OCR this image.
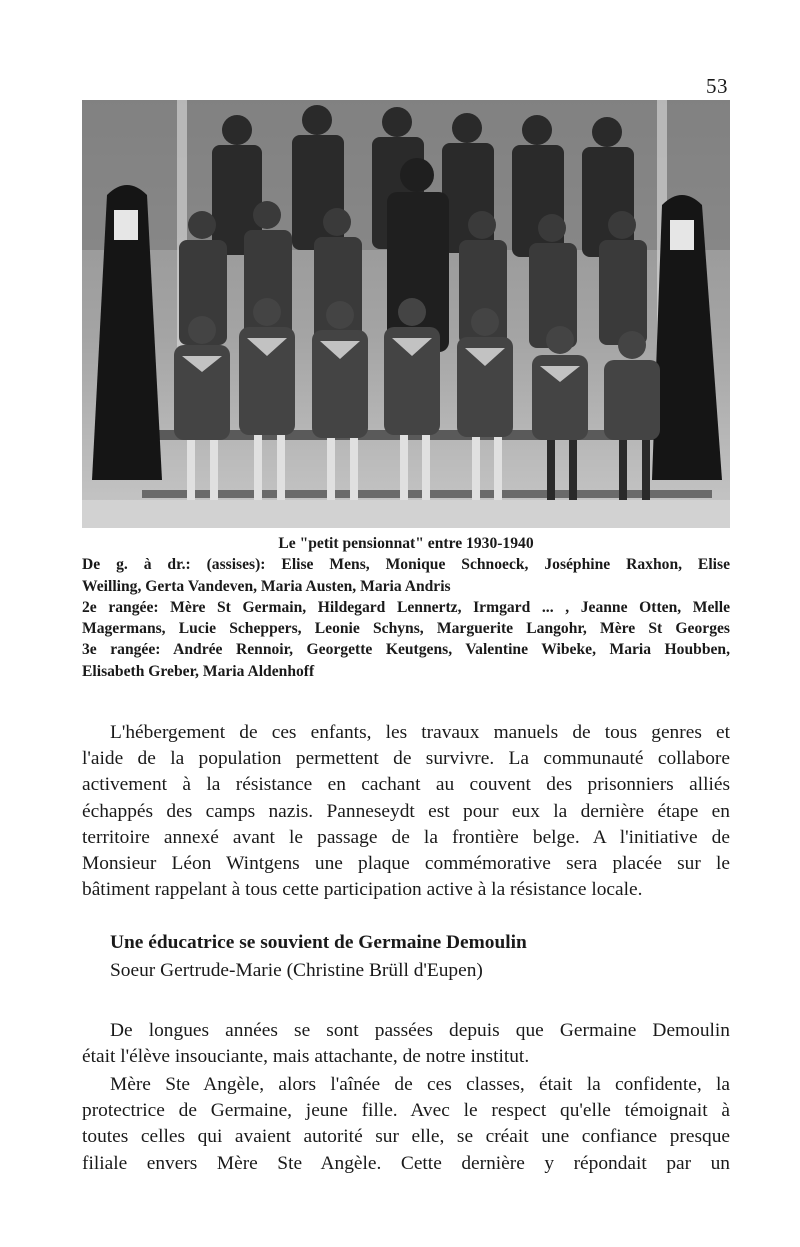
53
Le "petit pensionnat" entre 1930-1940
De g. à dr.: (assises): Elise Mens, Monique Schnoeck, Joséphine Raxhon, Elise
Weilling, Gerta Vandeven, Maria Austen, Maria Andris
2e rangée: Mère St Germain, Hildegard Lennertz, Irmgard ... , Jeanne Otten, Melle
Magermans, Lucie Scheppers, Leonie Schyns, Marguerite Langohr, Mère St Georges
3e rangée: Andrée Rennoir, Georgette Keutgens, Valentine Wibeke, Maria Houbben,
Elisabeth Greber, Maria Aldenhoff
L'hébergement de ces enfants, les travaux manuels de tous genres et
l'aide de la population permettent de survivre. La communauté collabore
activement à la résistance en cachant au couvent des prisonniers alliés
échappés des camps nazis. Panneseydt est pour eux la dernière étape en
territoire annexé avant le passage de la frontière belge. A l'initiative de
Monsieur Léon Wintgens une plaque commémorative sera placée sur le
bâtiment rappelant à tous cette participation active à la résistance locale.
Une éducatrice se souvient de Germaine Demoulin
Soeur Gertrude-Marie (Christine Brüll d'Eupen)
De longues années se sont passées depuis que Germaine Demoulin
était l'élève insouciante, mais attachante, de notre institut.
Mère Ste Angèle, alors l'aînée de ces classes, était la confidente, la
protectrice de Germaine, jeune fille. Avec le respect qu'elle témoignait à
toutes celles qui avaient autorité sur elle, se créait une confiance presque
filiale envers Mère Ste Angèle. Cette dernière y répondait par un
